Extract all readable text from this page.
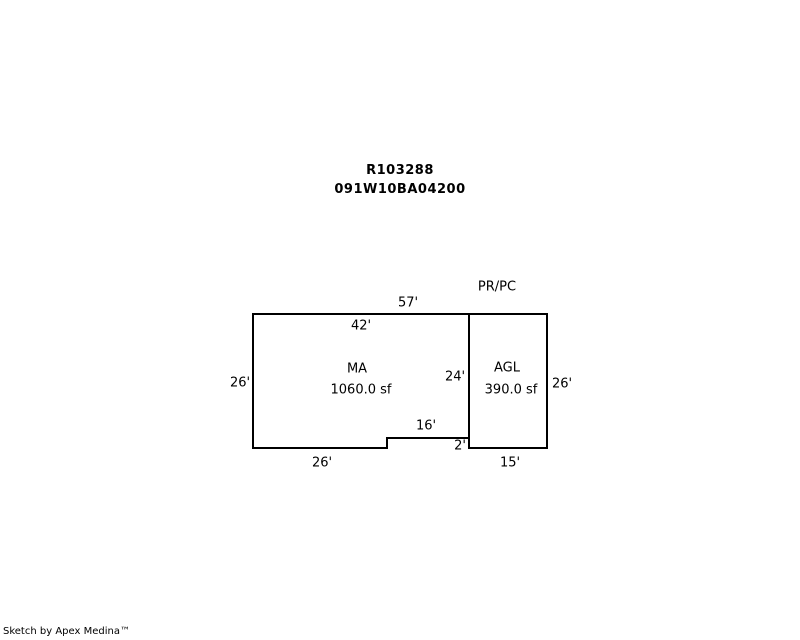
R103288
091W10BA04200
57'
PR/PC
42'
MA
1060.0 sf
24'
AGL
390.0 sf
26'	26'
16'
2'
26'	15'
Sketch by Apex Medina™
